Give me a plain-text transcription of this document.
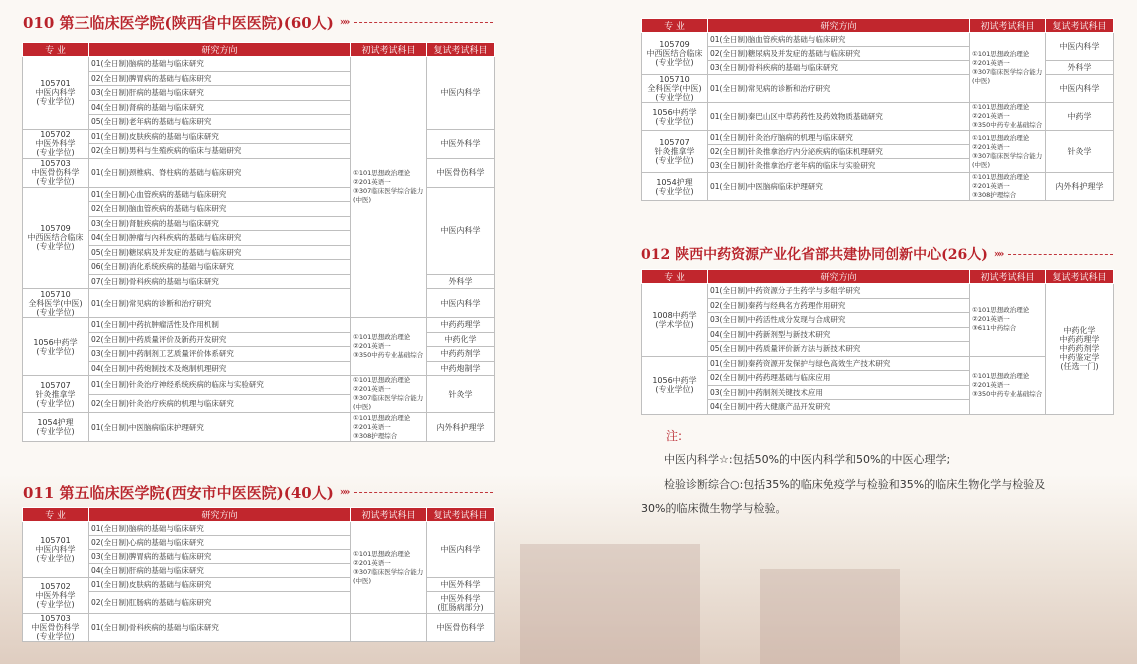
010 第三临床医学院(陕西省中医医院)(60人) »»
专 业	研究方向	初试考试科目	复试考试科目

105701
中医内科学
(专业学位)	01(全日制)脑病的基础与临床研究	①101思想政治理论
②201英语一
③307临床医学综合能力
(中医)	中医内科学
	02(全日制)脾胃病的基础与临床研究		
	03(全日制)肝病的基础与临床研究		
	04(全日制)肾病的基础与临床研究		
	05(全日制)老年病的基础与临床研究		

105702
中医外科学
(专业学位)	01(全日制)皮肤疾病的基础与临床研究		中医外科学
	02(全日制)男科与生殖疾病的临床与基础研究		

105703
中医骨伤科学
(专业学位)	01(全日制)颈椎病、脊柱病的基础与临床研究		中医骨伤科学

105709
中西医结合临床
(专业学位)	01(全日制)心血管疾病的基础与临床研究		中医内科学
	02(全日制)脑血管疾病的基础与临床研究		
	03(全日制)肾脏疾病的基础与临床研究		
	04(全日制)肿瘤与內科疾病的基础与临床研究		
	05(全日制)糖尿病及并发症的基础与临床研究		
	06(全日制)消化系统疾病的基础与临床研究		
	07(全日制)骨科疾病的基础与临床研究		外科学

105710
全科医学(中医)
(专业学位)	01(全日制)常见病的诊断和治疗研究		中医内科学

1056中药学
(专业学位)	01(全日制)中药抗肿瘤活性及作用机制	①101思想政治理论
②201英语一
③350中药专业基础综合	中药药理学
	02(全日制)中药质量评价及新药开发研究		中药化学
	03(全日制)中药制剂工艺质量评价体系研究		中药药剂学
	04(全日制)中药炮制技术及炮制机理研究		中药炮制学

105707
针灸推拿学
(专业学位)	01(全日制)针灸治疗神经系统疾病的临床与实验研究	①101思想政治理论
②201英语一
③307临床医学综合能力(中医)	针灸学
	02(全日制)针灸治疗疾病的机理与临床研究		

1054护理
(专业学位)	01(全日制)中医脑病临床护理研究	①101思想政治理论
②201英语一
③308护理综合	内外科护理学
011 第五临床医学院(西安市中医医院)(40人) »»
专 业	研究方向	初试考试科目	复试考试科目

105701
中医内科学
(专业学位)	01(全日制)脑病的基础与临床研究	①101思想政治理论
②201英语一
③307临床医学综合能力
(中医)	中医内科学
	02(全日制)心病的基础与临床研究		
	03(全日制)脾胃病的基础与临床研究		
	04(全日制)肝病的基础与临床研究		

105702
中医外科学
(专业学位)	01(全日制)皮肤病的基础与临床研究		中医外科学
	02(全日制)肛肠病的基础与临床研究		中医外科学
(肛肠病部分)

105703
中医骨伤科学
(专业学位)	01(全日制)骨科疾病的基础与临床研究		中医骨伤科学
专 业	研究方向	初试考试科目	复试考试科目

105709
中西医结合临床
(专业学位)	01(全日制)脑血管疾病的基础与临床研究	①101思想政治理论
②201英语一
③307临床医学综合能力
(中医)	中医内科学
	02(全日制)糖尿病及并发症的基础与临床研究		
	03(全日制)骨科疾病的基础与临床研究		外科学

105710
全科医学(中医)
(专业学位)	01(全日制)常见病的诊断和治疗研究		中医内科学

1056中药学
(专业学位)	01(全日制)秦巴山区中草药药性及药效物质基础研究	①101思想政治理论
②201英语一
③350中药专业基础综合	中药学

105707
针灸推拿学
(专业学位)	01(全日制)针灸治疗脑病的机理与临床研究	①101思想政治理论
②201英语一
③307临床医学综合能力
(中医)	针灸学
	02(全日制)针灸推拿治疗内分泌疾病的临床机理研究		
	03(全日制)针灸推拿治疗老年病的临床与实验研究		

1054护理
(专业学位)	01(全日制)中医脑病临床护理研究	①101思想政治理论
②201英语一
③308护理综合	内外科护理学
012 陕西中药资源产业化省部共建协同创新中心(26人) »»
专 业	研究方向	初试考试科目	复试考试科目

1008中药学
(学术学位)	01(全日制)中药资源分子生药学与多组学研究	①101思想政治理论
②201英语一
③611中药综合	中药化学
中药药理学
中药药剂学
中药鉴定学
(任选一门)

	02(全日制)秦药与经典名方药理作用研究		
	03(全日制)中药活性成分发现与合成研究		
	04(全日制)中药新剂型与新技术研究		
	05(全日制)中药质量评价新方法与新技术研究		

1056中药学
(专业学位)	01(全日制)秦药资源开发保护与绿色高效生产技术研究	①101思想政治理论
②201英语一
③350中药专业基础综合	

	02(全日制)中药药理基础与临床应用		
	03(全日制)中药制剂关键技术应用		
	04(全日制)中药大健康产品开发研究		
注:
中医内科学☆:包括50%的中医内科学和50%的中医心理学;
检验诊断综合○:包括35%的临床免疫学与检验和35%的临床生物化学与检验及
30%的临床微生物学与检验。
